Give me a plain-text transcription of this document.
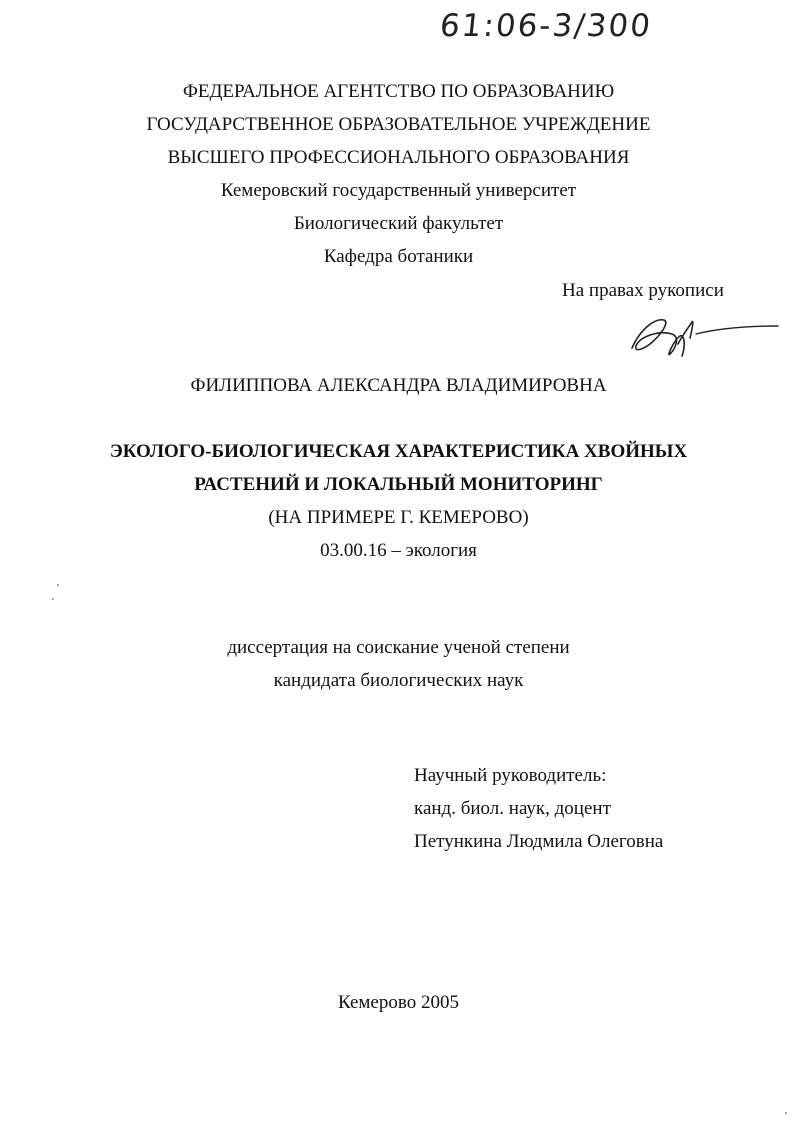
61:06-3/300
ФЕДЕРАЛЬНОЕ АГЕНТСТВО ПО ОБРАЗОВАНИЮ
ГОСУДАРСТВЕННОЕ ОБРАЗОВАТЕЛЬНОЕ УЧРЕЖДЕНИЕ
ВЫСШЕГО ПРОФЕССИОНАЛЬНОГО ОБРАЗОВАНИЯ
Кемеровский государственный университет
Биологический факультет
Кафедра ботаники
На правах рукописи
ФИЛИППОВА АЛЕКСАНДРА ВЛАДИМИРОВНА
ЭКОЛОГО-БИОЛОГИЧЕСКАЯ ХАРАКТЕРИСТИКА ХВОЙНЫХ
РАСТЕНИЙ И ЛОКАЛЬНЫЙ МОНИТОРИНГ
(НА ПРИМЕРЕ Г. КЕМЕРОВО)
03.00.16 – экология
диссертация на соискание ученой степени
кандидата биологических наук
Научный руководитель:
канд. биол. наук, доцент
Петункина Людмила Олеговна
Кемерово 2005
